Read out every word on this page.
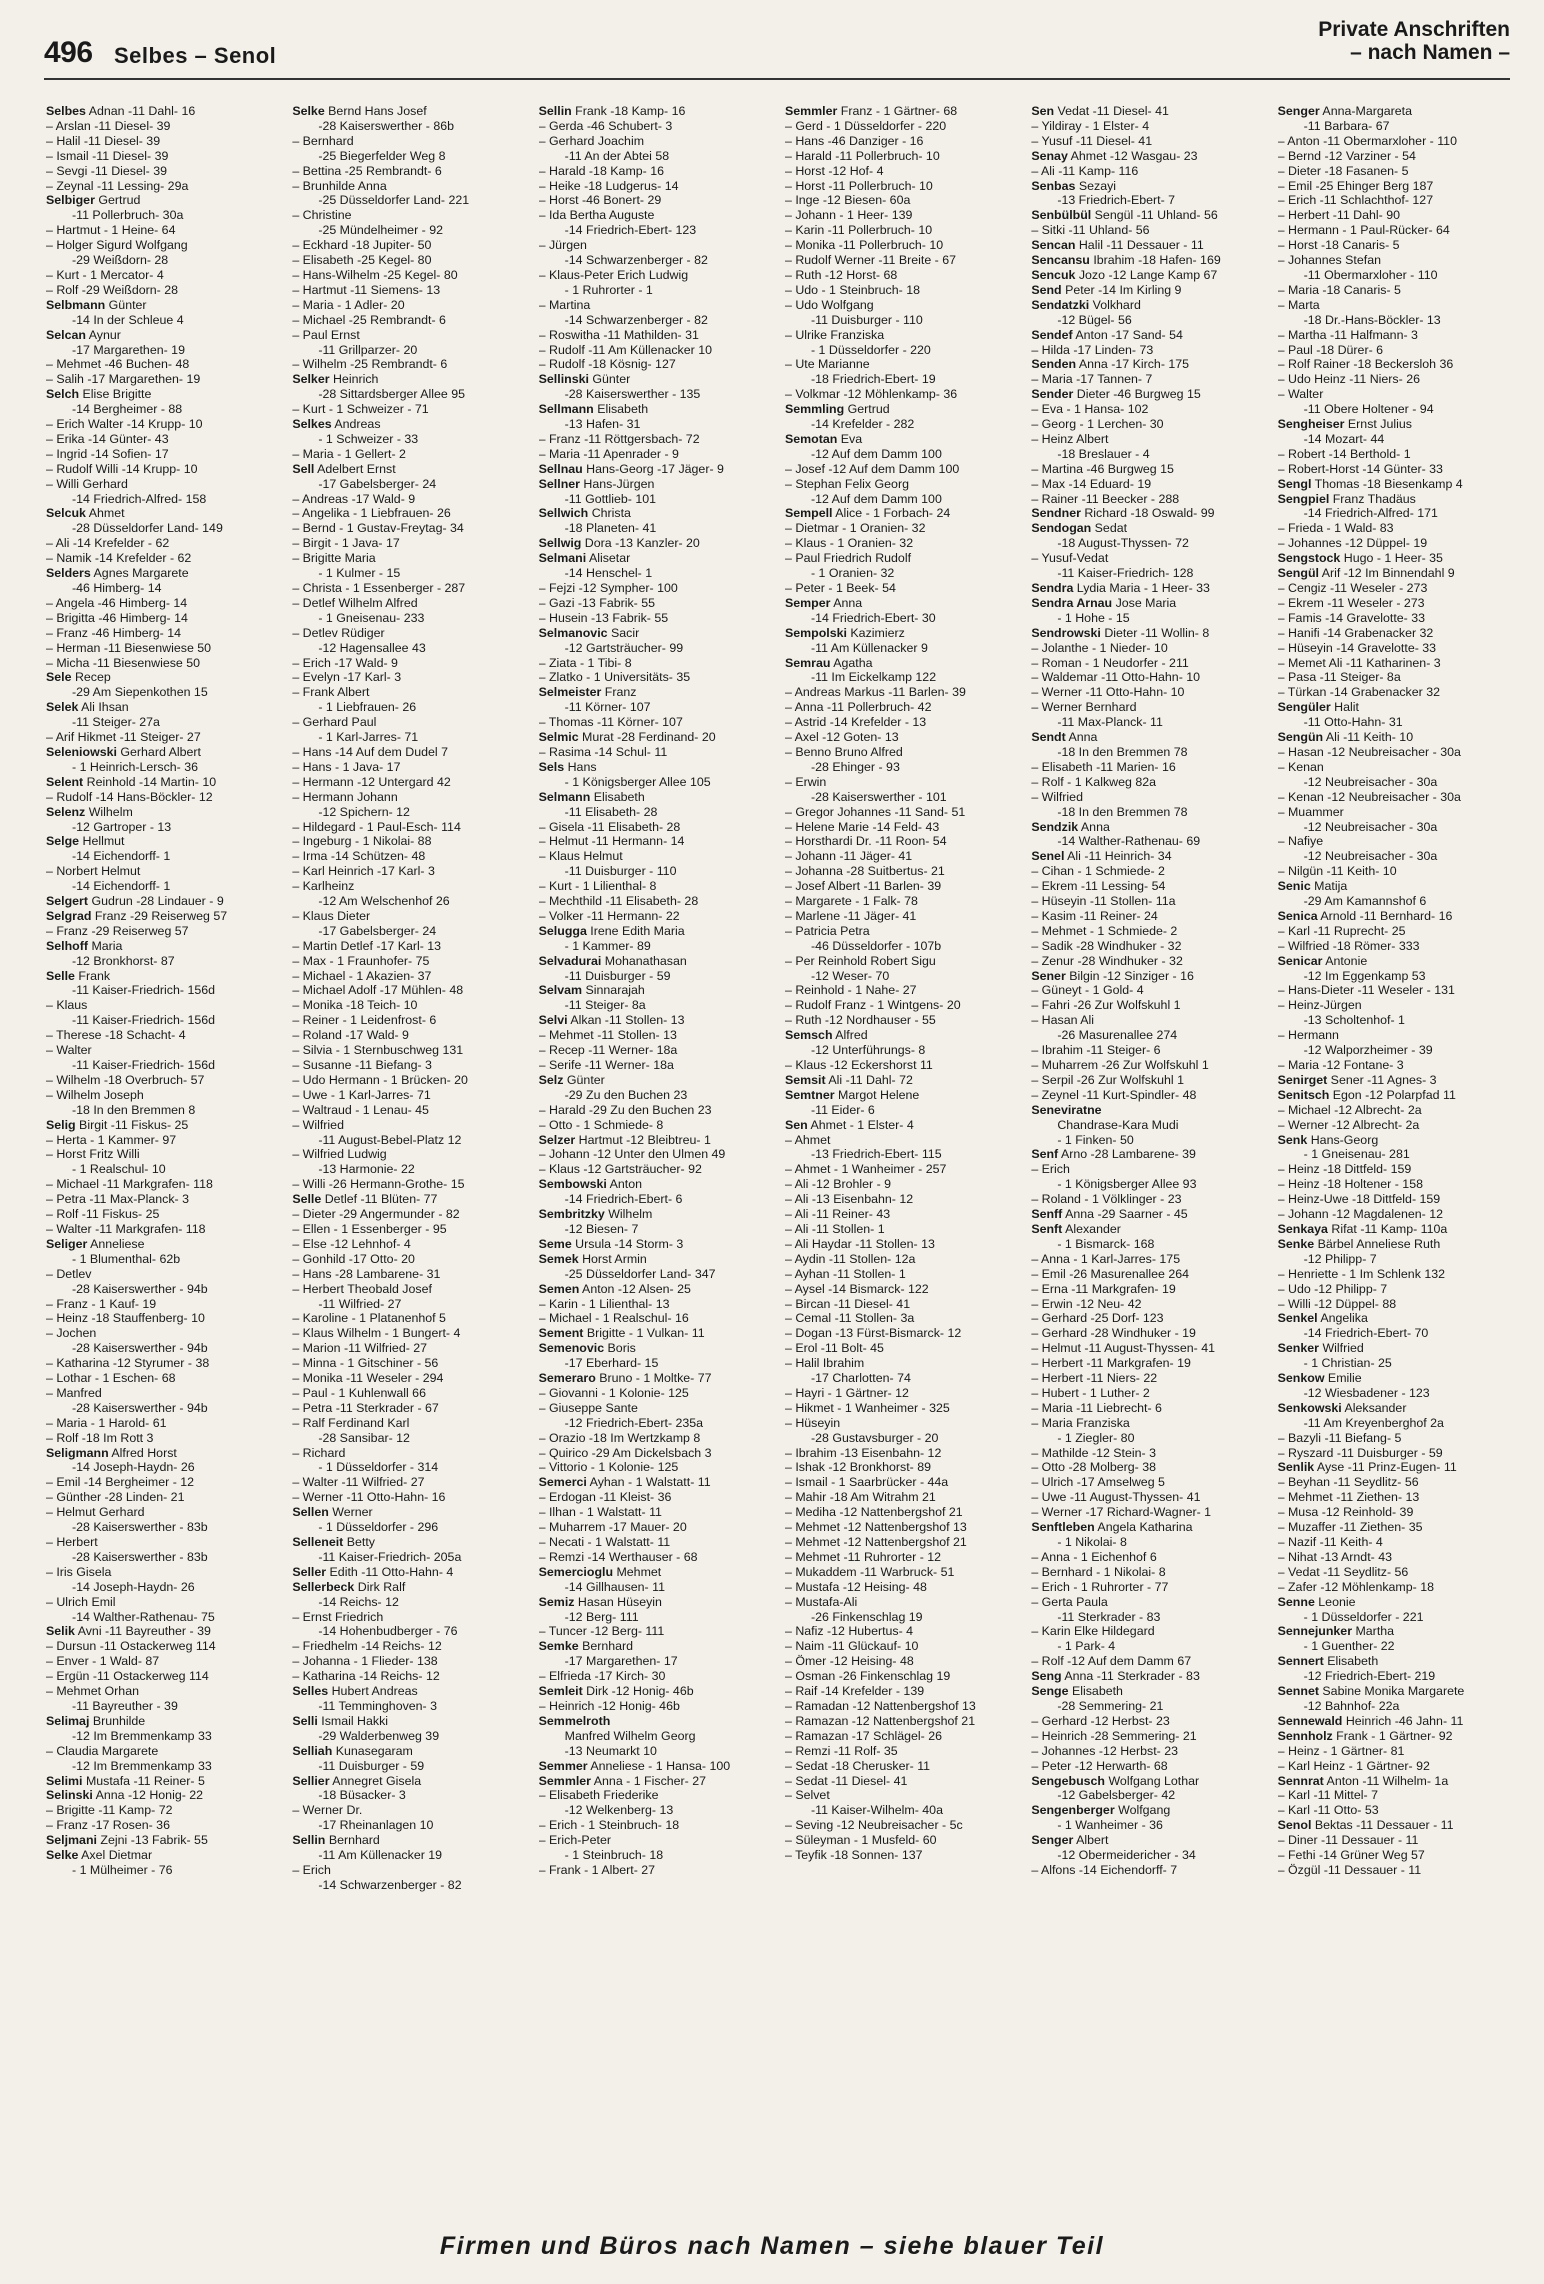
496 Selbes – Senol
Private Anschriften
– nach Namen –
Selbes Adnan -11 Dahl- 16
– Arslan -11 Diesel- 39
– Halil -11 Diesel- 39
– Ismail -11 Diesel- 39
– Sevgi -11 Diesel- 39
– Zeynal -11 Lessing- 29a
Selbiger Gertrud
-11 Pollerbruch- 30a
– Hartmut - 1 Heine- 64
– Holger Sigurd Wolfgang
-29 Weißdorn- 28
– Kurt - 1 Mercator- 4
– Rolf -29 Weißdorn- 28
Selbmann Günter
-14 In der Schleue 4
Selcan Aynur
-17 Margarethen- 19
– Mehmet -46 Buchen- 48
– Salih -17 Margarethen- 19
Selch Elise Brigitte
-14 Bergheimer - 88
– Erich Walter -14 Krupp- 10
– Erika -14 Günter- 43
– Ingrid -14 Sofien- 17
– Rudolf Willi -14 Krupp- 10
– Willi Gerhard
-14 Friedrich-Alfred- 158
Selcuk Ahmet
-28 Düsseldorfer Land- 149
– Ali -14 Krefelder - 62
– Namik -14 Krefelder - 62
Selders Agnes Margarete
-46 Himberg- 14
– Angela -46 Himberg- 14
– Brigitta -46 Himberg- 14
– Franz -46 Himberg- 14
– Herman -11 Biesenwiese 50
– Micha -11 Biesenwiese 50
Sele Recep
-29 Am Siepenkothen 15
Selek Ali Ihsan
-11 Steiger- 27a
– Arif Hikmet -11 Steiger- 27
Seleniowski Gerhard Albert
- 1 Heinrich-Lersch- 36
Selent Reinhold -14 Martin- 10
– Rudolf -14 Hans-Böckler- 12
Selenz Wilhelm
-12 Gartroper - 13
Selge Hellmut
-14 Eichendorff- 1
– Norbert Helmut
-14 Eichendorff- 1
Selgert Gudrun -28 Lindauer - 9
Selgrad Franz -29 Reiserweg 57
– Franz -29 Reiserweg 57
Selhoff Maria
-12 Bronkhorst- 87
Selle Frank
-11 Kaiser-Friedrich- 156d
– Klaus
-11 Kaiser-Friedrich- 156d
– Therese -18 Schacht- 4
– Walter
-11 Kaiser-Friedrich- 156d
– Wilhelm -18 Overbruch- 57
– Wilhelm Joseph
-18 In den Bremmen 8
Selig Birgit -11 Fiskus- 25
– Herta - 1 Kammer- 97
– Horst Fritz Willi
- 1 Realschul- 10
– Michael -11 Markgrafen- 118
– Petra -11 Max-Planck- 3
– Rolf -11 Fiskus- 25
– Walter -11 Markgrafen- 118
Seliger Anneliese
- 1 Blumenthal- 62b
– Detlev
-28 Kaiserswerther - 94b
– Franz - 1 Kauf- 19
– Heinz -18 Stauffenberg- 10
– Jochen
-28 Kaiserswerther - 94b
– Katharina -12 Styrumer - 38
– Lothar - 1 Eschen- 68
– Manfred
-28 Kaiserswerther - 94b
– Maria - 1 Harold- 61
– Rolf -18 Im Rott 3
Seligmann Alfred Horst
-14 Joseph-Haydn- 26
– Emil -14 Bergheimer - 12
– Günther -28 Linden- 21
– Helmut Gerhard
-28 Kaiserswerther - 83b
– Herbert
-28 Kaiserswerther - 83b
– Iris Gisela
-14 Joseph-Haydn- 26
– Ulrich Emil
-14 Walther-Rathenau- 75
Selik Avni -11 Bayreuther - 39
– Dursun -11 Ostackerweg 114
– Enver - 1 Wald- 87
– Ergün -11 Ostackerweg 114
– Mehmet Orhan
-11 Bayreuther - 39
Selimaj Brunhilde
-12 Im Bremmenkamp 33
– Claudia Margarete
-12 Im Bremmenkamp 33
Selimi Mustafa -11 Reiner- 5
Selinski Anna -12 Honig- 22
– Brigitte -11 Kamp- 72
– Franz -17 Rosen- 36
Seljmani Zejni -13 Fabrik- 55
Selke Axel Dietmar
- 1 Mülheimer - 76
Selke Bernd Hans Josef
-28 Kaiserswerther - 86b
– Bernhard
-25 Biegerfelder Weg 8
– Bettina -25 Rembrandt- 6
– Brunhilde Anna
-25 Düsseldorfer Land- 221
– Christine
-25 Mündelheimer - 92
– Eckhard -18 Jupiter- 50
– Elisabeth -25 Kegel- 80
– Hans-Wilhelm -25 Kegel- 80
– Hartmut -11 Siemens- 13
– Maria - 1 Adler- 20
– Michael -25 Rembrandt- 6
– Paul Ernst
-11 Grillparzer- 20
– Wilhelm -25 Rembrandt- 6
Selker Heinrich
-28 Sittardsberger Allee 95
– Kurt - 1 Schweizer - 71
Selkes Andreas
- 1 Schweizer - 33
– Maria - 1 Gellert- 2
Sell Adelbert Ernst
-17 Gabelsberger- 24
– Andreas -17 Wald- 9
– Angelika - 1 Liebfrauen- 26
– Bernd - 1 Gustav-Freytag- 34
– Birgit - 1 Java- 17
– Brigitte Maria
- 1 Kulmer - 15
– Christa - 1 Essenberger - 287
– Detlef Wilhelm Alfred
- 1 Gneisenau- 233
– Detlev Rüdiger
-12 Hagensallee 43
– Erich -17 Wald- 9
– Evelyn -17 Karl- 3
– Frank Albert
- 1 Liebfrauen- 26
– Gerhard Paul
- 1 Karl-Jarres- 71
– Hans -14 Auf dem Dudel 7
– Hans - 1 Java- 17
– Hermann -12 Untergard 42
– Hermann Johann
-12 Spichern- 12
– Hildegard - 1 Paul-Esch- 114
– Ingeburg - 1 Nikolai- 88
– Irma -14 Schützen- 48
– Karl Heinrich -17 Karl- 3
– Karlheinz
-12 Am Welschenhof 26
– Klaus Dieter
-17 Gabelsberger- 24
– Martin Detlef -17 Karl- 13
– Max - 1 Fraunhofer- 75
– Michael - 1 Akazien- 37
– Michael Adolf -17 Mühlen- 48
– Monika -18 Teich- 10
– Reiner - 1 Leidenfrost- 6
– Roland -17 Wald- 9
– Silvia - 1 Sternbuschweg 131
– Susanne -11 Biefang- 3
– Udo Hermann - 1 Brücken- 20
– Uwe - 1 Karl-Jarres- 71
– Waltraud - 1 Lenau- 45
– Wilfried
-11 August-Bebel-Platz 12
– Wilfried Ludwig
-13 Harmonie- 22
– Willi -26 Hermann-Grothe- 15
Selle Detlef -11 Blüten- 77
– Dieter -29 Angermunder - 82
– Ellen - 1 Essenberger - 95
– Else -12 Lehnhof- 4
– Gonhild -17 Otto- 20
– Hans -28 Lambarene- 31
– Herbert Theobald Josef
-11 Wilfried- 27
– Karoline - 1 Platanenhof 5
– Klaus Wilhelm - 1 Bungert- 4
– Marion -11 Wilfried- 27
– Minna - 1 Gitschiner - 56
– Monika -11 Weseler - 294
– Paul - 1 Kuhlenwall 66
– Petra -11 Sterkrader - 67
– Ralf Ferdinand Karl
-28 Sansibar- 12
– Richard
- 1 Düsseldorfer - 314
– Walter -11 Wilfried- 27
– Werner -11 Otto-Hahn- 16
Sellen Werner
- 1 Düsseldorfer - 296
Selleneit Betty
-11 Kaiser-Friedrich- 205a
Seller Edith -11 Otto-Hahn- 4
Sellerbeck Dirk Ralf
-14 Reichs- 12
– Ernst Friedrich
-14 Hohenbudberger - 76
– Friedhelm -14 Reichs- 12
– Johanna - 1 Flieder- 138
– Katharina -14 Reichs- 12
Selles Hubert Andreas
-11 Temminghoven- 3
Selli Ismail Hakki
-29 Walderbenweg 39
Selliah Kunasegaram
-11 Duisburger - 59
Sellier Annegret Gisela
-18 Büsacker- 3
– Werner Dr.
-17 Rheinanlagen 10
Sellin Bernhard
-11 Am Küllenacker 19
– Erich
-14 Schwarzenberger - 82
Sellin Frank -18 Kamp- 16
– Gerda -46 Schubert- 3
– Gerhard Joachim
-11 An der Abtei 58
– Harald -18 Kamp- 16
– Heike -18 Ludgerus- 14
– Horst -46 Bonert- 29
– Ida Bertha Auguste
-14 Friedrich-Ebert- 123
– Jürgen
-14 Schwarzenberger - 82
– Klaus-Peter Erich Ludwig
- 1 Ruhrorter - 1
– Martina
-14 Schwarzenberger - 82
– Roswitha -11 Mathilden- 31
– Rudolf -11 Am Küllenacker 10
– Rudolf -18 Kösnig- 127
Sellinski Günter
-28 Kaiserswerther - 135
Sellmann Elisabeth
-13 Hafen- 31
– Franz -11 Röttgersbach- 72
– Maria -11 Apenrader - 9
Sellnau Hans-Georg -17 Jäger- 9
Sellner Hans-Jürgen
-11 Gottlieb- 101
Sellwich Christa
-18 Planeten- 41
Sellwig Dora -13 Kanzler- 20
Selmani Alisetar
-14 Henschel- 1
– Fejzi -12 Sympher- 100
– Gazi -13 Fabrik- 55
– Husein -13 Fabrik- 55
Selmanovic Sacir
-12 Gartsträucher- 99
– Ziata - 1 Tibi- 8
– Zlatko - 1 Universitäts- 35
Selmeister Franz
-11 Körner- 107
– Thomas -11 Körner- 107
Selmic Murat -28 Ferdinand- 20
– Rasima -14 Schul- 11
Sels Hans
- 1 Königsberger Allee 105
Selmann Elisabeth
-11 Elisabeth- 28
– Gisela -11 Elisabeth- 28
– Helmut -11 Hermann- 14
– Klaus Helmut
-11 Duisburger - 110
– Kurt - 1 Lilienthal- 8
– Mechthild -11 Elisabeth- 28
– Volker -11 Hermann- 22
Selugga Irene Edith Maria
- 1 Kammer- 89
Selvadurai Mohanathasan
-11 Duisburger - 59
Selvam Sinnarajah
-11 Steiger- 8a
Selvi Alkan -11 Stollen- 13
– Mehmet -11 Stollen- 13
– Recep -11 Werner- 18a
– Serife -11 Werner- 18a
Selz Günter
-29 Zu den Buchen 23
– Harald -29 Zu den Buchen 23
– Otto - 1 Schmiede- 8
Selzer Hartmut -12 Bleibtreu- 1
– Johann -12 Unter den Ulmen 49
– Klaus -12 Gartsträucher- 92
Sembowski Anton
-14 Friedrich-Ebert- 6
Sembritzky Wilhelm
-12 Biesen- 7
Seme Ursula -14 Storm- 3
Semek Horst Armin
-25 Düsseldorfer Land- 347
Semen Anton -12 Alsen- 25
– Karin - 1 Lilienthal- 13
– Michael - 1 Realschul- 16
Sement Brigitte - 1 Vulkan- 11
Semenovic Boris
-17 Eberhard- 15
Semeraro Bruno - 1 Moltke- 77
– Giovanni - 1 Kolonie- 125
– Giuseppe Sante
-12 Friedrich-Ebert- 235a
– Orazio -18 Im Wertzkamp 8
– Quirico -29 Am Dickelsbach 3
– Vittorio - 1 Kolonie- 125
Semerci Ayhan - 1 Walstatt- 11
– Erdogan -11 Kleist- 36
– Ilhan - 1 Walstatt- 11
– Muharrem -17 Mauer- 20
– Necati - 1 Walstatt- 11
– Remzi -14 Werthauser - 68
Semercioglu Mehmet
-14 Gillhausen- 11
Semiz Hasan Hüseyin
-12 Berg- 111
– Tuncer -12 Berg- 111
Semke Bernhard
-17 Margarethen- 17
– Elfrieda -17 Kirch- 30
Semleit Dirk -12 Honig- 46b
– Heinrich -12 Honig- 46b
Semmelroth
Manfred Wilhelm Georg
-13 Neumarkt 10
Semmer Anneliese - 1 Hansa- 100
Semmler Anna - 1 Fischer- 27
– Elisabeth Friederike
-12 Welkenberg- 13
– Erich - 1 Steinbruch- 18
– Erich-Peter
- 1 Steinbruch- 18
– Frank - 1 Albert- 27
Semmler Franz - 1 Gärtner- 68
– Gerd - 1 Düsseldorfer - 220
– Hans -46 Danziger - 16
– Harald -11 Pollerbruch- 10
– Horst -12 Hof- 4
– Horst -11 Pollerbruch- 10
– Inge -12 Biesen- 60a
– Johann - 1 Heer- 139
– Karin -11 Pollerbruch- 10
– Monika -11 Pollerbruch- 10
– Rudolf Werner -11 Breite - 67
– Ruth -12 Horst- 68
– Udo - 1 Steinbruch- 18
– Udo Wolfgang
-11 Duisburger - 110
– Ulrike Franziska
- 1 Düsseldorfer - 220
– Ute Marianne
-18 Friedrich-Ebert- 19
– Volkmar -12 Möhlenkamp- 36
Semmling Gertrud
-14 Krefelder - 282
Semotan Eva
-12 Auf dem Damm 100
– Josef -12 Auf dem Damm 100
– Stephan Felix Georg
-12 Auf dem Damm 100
Sempell Alice - 1 Forbach- 24
– Dietmar - 1 Oranien- 32
– Klaus - 1 Oranien- 32
– Paul Friedrich Rudolf
- 1 Oranien- 32
– Peter - 1 Beek- 54
Semper Anna
-14 Friedrich-Ebert- 30
Sempolski Kazimierz
-11 Am Küllenacker 9
Semrau Agatha
-11 Im Eickelkamp 122
– Andreas Markus -11 Barlen- 39
– Anna -11 Pollerbruch- 42
– Astrid -14 Krefelder - 13
– Axel -12 Goten- 13
– Benno Bruno Alfred
-28 Ehinger - 93
– Erwin
-28 Kaiserswerther - 101
– Gregor Johannes -11 Sand- 51
– Helene Marie -14 Feld- 43
– Horsthardi Dr. -11 Roon- 54
– Johann -11 Jäger- 41
– Johanna -28 Suitbertus- 21
– Josef Albert -11 Barlen- 39
– Margarete - 1 Falk- 78
– Marlene -11 Jäger- 41
– Patricia Petra
-46 Düsseldorfer - 107b
– Per Reinhold Robert Sigu
-12 Weser- 70
– Reinhold - 1 Nahe- 27
– Rudolf Franz - 1 Wintgens- 20
– Ruth -12 Nordhauser - 55
Semsch Alfred
-12 Unterführungs- 8
– Klaus -12 Eckershorst 11
Semsit Ali -11 Dahl- 72
Semtner Margot Helene
-11 Eider- 6
Sen Ahmet - 1 Elster- 4
– Ahmet
-13 Friedrich-Ebert- 115
– Ahmet - 1 Wanheimer - 257
– Ali -12 Brohler - 9
– Ali -13 Eisenbahn- 12
– Ali -11 Reiner- 43
– Ali -11 Stollen- 1
– Ali Haydar -11 Stollen- 13
– Aydin -11 Stollen- 12a
– Ayhan -11 Stollen- 1
– Aysel -14 Bismarck- 122
– Bircan -11 Diesel- 41
– Cemal -11 Stollen- 3a
– Dogan -13 Fürst-Bismarck- 12
– Erol -11 Bolt- 45
– Halil Ibrahim
-17 Charlotten- 74
– Hayri - 1 Gärtner- 12
– Hikmet - 1 Wanheimer - 325
– Hüseyin
-28 Gustavsburger - 20
– Ibrahim -13 Eisenbahn- 12
– Ishak -12 Bronkhorst- 89
– Ismail - 1 Saarbrücker - 44a
– Mahir -18 Am Witrahm 21
– Mediha -12 Nattenbergshof 21
– Mehmet -12 Nattenbergshof 13
– Mehmet -12 Nattenbergshof 21
– Mehmet -11 Ruhrorter - 12
– Mukaddem -11 Warbruck- 51
– Mustafa -12 Heising- 48
– Mustafa-Ali
-26 Finkenschlag 19
– Nafiz -12 Hubertus- 4
– Naim -11 Glückauf- 10
– Ömer -12 Heising- 48
– Osman -26 Finkenschlag 19
– Raif -14 Krefelder - 139
– Ramadan -12 Nattenbergshof 13
– Ramazan -12 Nattenbergshof 21
– Ramazan -17 Schlägel- 26
– Remzi -11 Rolf- 35
– Sedat -18 Cherusker- 11
– Sedat -11 Diesel- 41
– Selvet
-11 Kaiser-Wilhelm- 40a
– Seving -12 Neubreisacher - 5c
– Süleyman - 1 Musfeld- 60
– Teyfik -18 Sonnen- 137
Sen Vedat -11 Diesel- 41
– Yildiray - 1 Elster- 4
– Yusuf -11 Diesel- 41
Senay Ahmet -12 Wasgau- 23
– Ali -11 Kamp- 116
Senbas Sezayi
-13 Friedrich-Ebert- 7
Senbülbül Sengül -11 Uhland- 56
– Sitki -11 Uhland- 56
Sencan Halil -11 Dessauer - 11
Sencansu Ibrahim -18 Hafen- 169
Sencuk Jozo -12 Lange Kamp 67
Send Peter -14 Im Kirling 9
Sendatzki Volkhard
-12 Bügel- 56
Sendef Anton -17 Sand- 54
– Hilda -17 Linden- 73
Senden Anna -17 Kirch- 175
– Maria -17 Tannen- 7
Sender Dieter -46 Burgweg 15
– Eva - 1 Hansa- 102
– Georg - 1 Lerchen- 30
– Heinz Albert
-18 Breslauer - 4
– Martina -46 Burgweg 15
– Max -14 Eduard- 19
– Rainer -11 Beecker - 288
Sendner Richard -18 Oswald- 99
Sendogan Sedat
-18 August-Thyssen- 72
– Yusuf-Vedat
-11 Kaiser-Friedrich- 128
Sendra Lydia Maria - 1 Heer- 33
Sendra Arnau Jose Maria
- 1 Hohe - 15
Sendrowski Dieter -11 Wollin- 8
– Jolanthe - 1 Nieder- 10
– Roman - 1 Neudorfer - 211
– Waldemar -11 Otto-Hahn- 10
– Werner -11 Otto-Hahn- 10
– Werner Bernhard
-11 Max-Planck- 11
Sendt Anna
-18 In den Bremmen 78
– Elisabeth -11 Marien- 16
– Rolf - 1 Kalkweg 82a
– Wilfried
-18 In den Bremmen 78
Sendzik Anna
-14 Walther-Rathenau- 69
Senel Ali -11 Heinrich- 34
– Cihan - 1 Schmiede- 2
– Ekrem -11 Lessing- 54
– Hüseyin -11 Stollen- 11a
– Kasim -11 Reiner- 24
– Mehmet - 1 Schmiede- 2
– Sadik -28 Windhuker - 32
– Zenur -28 Windhuker - 32
Sener Bilgin -12 Sinziger - 16
– Güneyt - 1 Gold- 4
– Fahri -26 Zur Wolfskuhl 1
– Hasan Ali
-26 Masurenallee 274
– Ibrahim -11 Steiger- 6
– Muharrem -26 Zur Wolfskuhl 1
– Serpil -26 Zur Wolfskuhl 1
– Zeynel -11 Kurt-Spindler- 48
Seneviratne
Chandrase-Kara Mudi
- 1 Finken- 50
Senf Arno -28 Lambarene- 39
– Erich
- 1 Königsberger Allee 93
– Roland - 1 Völklinger - 23
Senff Anna -29 Saarner - 45
Senft Alexander
- 1 Bismarck- 168
– Anna - 1 Karl-Jarres- 175
– Emil -26 Masurenallee 264
– Erna -11 Markgrafen- 19
– Erwin -12 Neu- 42
– Gerhard -25 Dorf- 123
– Gerhard -28 Windhuker - 19
– Helmut -11 August-Thyssen- 41
– Herbert -11 Markgrafen- 19
– Herbert -11 Niers- 22
– Hubert - 1 Luther- 2
– Maria -11 Liebrecht- 6
– Maria Franziska
- 1 Ziegler- 80
– Mathilde -12 Stein- 3
– Otto -28 Molberg- 38
– Ulrich -17 Amselweg 5
– Uwe -11 August-Thyssen- 41
– Werner -17 Richard-Wagner- 1
Senftleben Angela Katharina
- 1 Nikolai- 8
– Anna - 1 Eichenhof 6
– Bernhard - 1 Nikolai- 8
– Erich - 1 Ruhrorter - 77
– Gerta Paula
-11 Sterkrader - 83
– Karin Elke Hildegard
- 1 Park- 4
– Rolf -12 Auf dem Damm 67
Seng Anna -11 Sterkrader - 83
Senge Elisabeth
-28 Semmering- 21
– Gerhard -12 Herbst- 23
– Heinrich -28 Semmering- 21
– Johannes -12 Herbst- 23
– Peter -12 Herwarth- 68
Sengebusch Wolfgang Lothar
-12 Gabelsberger- 42
Sengenberger Wolfgang
- 1 Wanheimer - 36
Senger Albert
-12 Obermeidericher - 34
– Alfons -14 Eichendorff- 7
Senger Anna-Margareta
-11 Barbara- 67
– Anton -11 Obermarxloher - 110
– Bernd -12 Varziner - 54
– Dieter -18 Fasanen- 5
– Emil -25 Ehinger Berg 187
– Erich -11 Schlachthof- 127
– Herbert -11 Dahl- 90
– Hermann - 1 Paul-Rücker- 64
– Horst -18 Canaris- 5
– Johannes Stefan
-11 Obermarxloher - 110
– Maria -18 Canaris- 5
– Marta
-18 Dr.-Hans-Böckler- 13
– Martha -11 Halfmann- 3
– Paul -18 Dürer- 6
– Rolf Rainer -18 Beckersloh 36
– Udo Heinz -11 Niers- 26
– Walter
-11 Obere Holtener - 94
Sengheiser Ernst Julius
-14 Mozart- 44
– Robert -14 Berthold- 1
– Robert-Horst -14 Günter- 33
Sengl Thomas -18 Biesenkamp 4
Sengpiel Franz Thadäus
-14 Friedrich-Alfred- 171
– Frieda - 1 Wald- 83
– Johannes -12 Düppel- 19
Sengstock Hugo - 1 Heer- 35
Sengül Arif -12 Im Binnendahl 9
– Cengiz -11 Weseler - 273
– Ekrem -11 Weseler - 273
– Famis -14 Gravelotte- 33
– Hanifi -14 Grabenacker 32
– Hüseyin -14 Gravelotte- 33
– Memet Ali -11 Katharinen- 3
– Pasa -11 Steiger- 8a
– Türkan -14 Grabenacker 32
Sengüler Halit
-11 Otto-Hahn- 31
Sengün Ali -11 Keith- 10
– Hasan -12 Neubreisacher - 30a
– Kenan
-12 Neubreisacher - 30a
– Kenan -12 Neubreisacher - 30a
– Muammer
-12 Neubreisacher - 30a
– Nafiye
-12 Neubreisacher - 30a
– Nilgün -11 Keith- 10
Senic Matija
-29 Am Kamannshof 6
Senica Arnold -11 Bernhard- 16
– Karl -11 Ruprecht- 25
– Wilfried -18 Römer- 333
Senicar Antonie
-12 Im Eggenkamp 53
– Hans-Dieter -11 Weseler - 131
– Heinz-Jürgen
-13 Scholtenhof- 1
– Hermann
-12 Walporzheimer - 39
– Maria -12 Fontane- 3
Senirget Sener -11 Agnes- 3
Senitsch Egon -12 Polarpfad 11
– Michael -12 Albrecht- 2a
– Werner -12 Albrecht- 2a
Senk Hans-Georg
- 1 Gneisenau- 281
– Heinz -18 Dittfeld- 159
– Heinz -18 Holtener - 158
– Heinz-Uwe -18 Dittfeld- 159
– Johann -12 Magdalenen- 12
Senkaya Rifat -11 Kamp- 110a
Senke Bärbel Anneliese Ruth
-12 Philipp- 7
– Henriette - 1 Im Schlenk 132
– Udo -12 Philipp- 7
– Willi -12 Düppel- 88
Senkel Angelika
-14 Friedrich-Ebert- 70
Senker Wilfried
- 1 Christian- 25
Senkow Emilie
-12 Wiesbadener - 123
Senkowski Aleksander
-11 Am Kreyenberghof 2a
– Bazyli -11 Biefang- 5
– Ryszard -11 Duisburger - 59
Senlik Ayse -11 Prinz-Eugen- 11
– Beyhan -11 Seydlitz- 56
– Mehmet -11 Ziethen- 13
– Musa -12 Reinhold- 39
– Muzaffer -11 Ziethen- 35
– Nazif -11 Keith- 4
– Nihat -13 Arndt- 43
– Vedat -11 Seydlitz- 56
– Zafer -12 Möhlenkamp- 18
Senne Leonie
- 1 Düsseldorfer - 221
Sennejunker Martha
- 1 Guenther- 22
Sennert Elisabeth
-12 Friedrich-Ebert- 219
Sennet Sabine Monika Margarete
-12 Bahnhof- 22a
Sennewald Heinrich -46 Jahn- 11
Sennholz Frank - 1 Gärtner- 92
– Heinz - 1 Gärtner- 81
– Karl Heinz - 1 Gärtner- 92
Sennrat Anton -11 Wilhelm- 1a
– Karl -11 Mittel- 7
– Karl -11 Otto- 53
Senol Bektas -11 Dessauer - 11
– Diner -11 Dessauer - 11
– Fethi -14 Grüner Weg 57
– Özgül -11 Dessauer - 11
Firmen und Büros nach Namen – siehe blauer Teil
